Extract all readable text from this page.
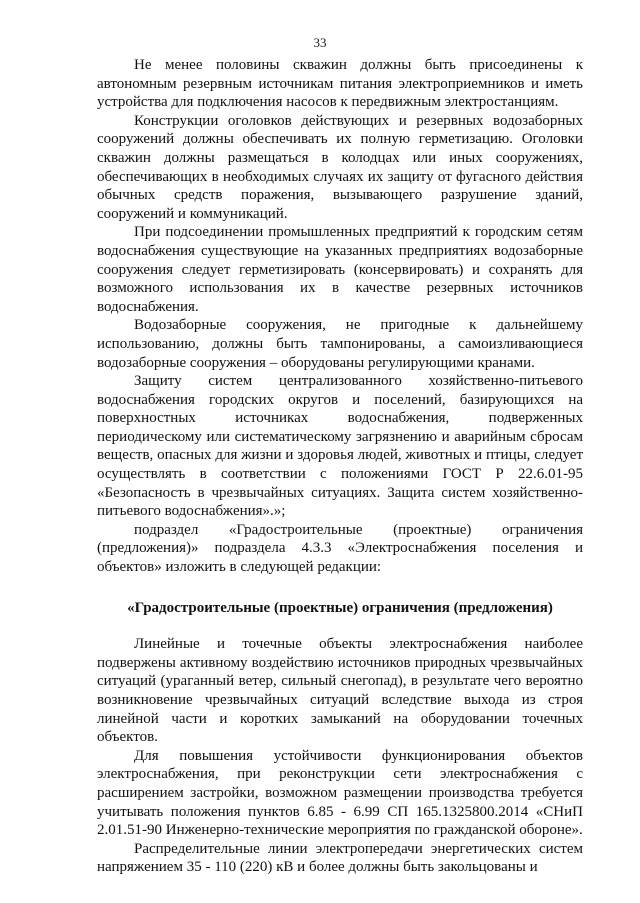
33

Не менее половины скважин должны быть присоединены к автономным резервным источникам питания электроприемников и иметь устройства для подключения насосов к передвижным электростанциям.

Конструкции оголовков действующих и резервных водозаборных сооружений должны обеспечивать их полную герметизацию. Оголовки скважин должны размещаться в колодцах или иных сооружениях, обеспечивающих в необходимых случаях их защиту от фугасного действия обычных средств поражения, вызывающего разрушение зданий, сооружений и коммуникаций.

При подсоединении промышленных предприятий к городским сетям водоснабжения существующие на указанных предприятиях водозаборные сооружения следует герметизировать (консервировать) и сохранять для возможного использования их в качестве резервных источников водоснабжения.

Водозаборные сооружения, не пригодные к дальнейшему использованию, должны быть тампонированы, а самоизливающиеся водозаборные сооружения – оборудованы регулирующими кранами.

Защиту систем централизованного хозяйственно-питьевого водоснабжения городских округов и поселений, базирующихся на поверхностных источниках водоснабжения, подверженных периодическому или систематическому загрязнению и аварийным сбросам веществ, опасных для жизни и здоровья людей, животных и птицы, следует осуществлять в соответствии с положениями ГОСТ Р 22.6.01-95 «Безопасность в чрезвычайных ситуациях. Защита систем хозяйственно-питьевого водоснабжения».»;

подраздел «Градостроительные (проектные) ограничения (предложения)» подраздела 4.3.3 «Электроснабжения поселения и объектов» изложить в следующей редакции:

«Градостроительные (проектные) ограничения (предложения)

Линейные и точечные объекты электроснабжения наиболее подвержены активному воздействию источников природных чрезвычайных ситуаций (ураганный ветер, сильный снегопад), в результате чего вероятно возникновение чрезвычайных ситуаций вследствие выхода из строя линейной части и коротких замыканий на оборудовании точечных объектов.

Для повышения устойчивости функционирования объектов электроснабжения, при реконструкции сети электроснабжения с расширением застройки, возможном размещении производства требуется учитывать положения пунктов 6.85 - 6.99 СП 165.1325800.2014 «СНиП 2.01.51-90 Инженерно-технические мероприятия по гражданской обороне».

Распределительные линии электропередачи энергетических систем напряжением 35 - 110 (220) кВ и более должны быть закольцованы и
